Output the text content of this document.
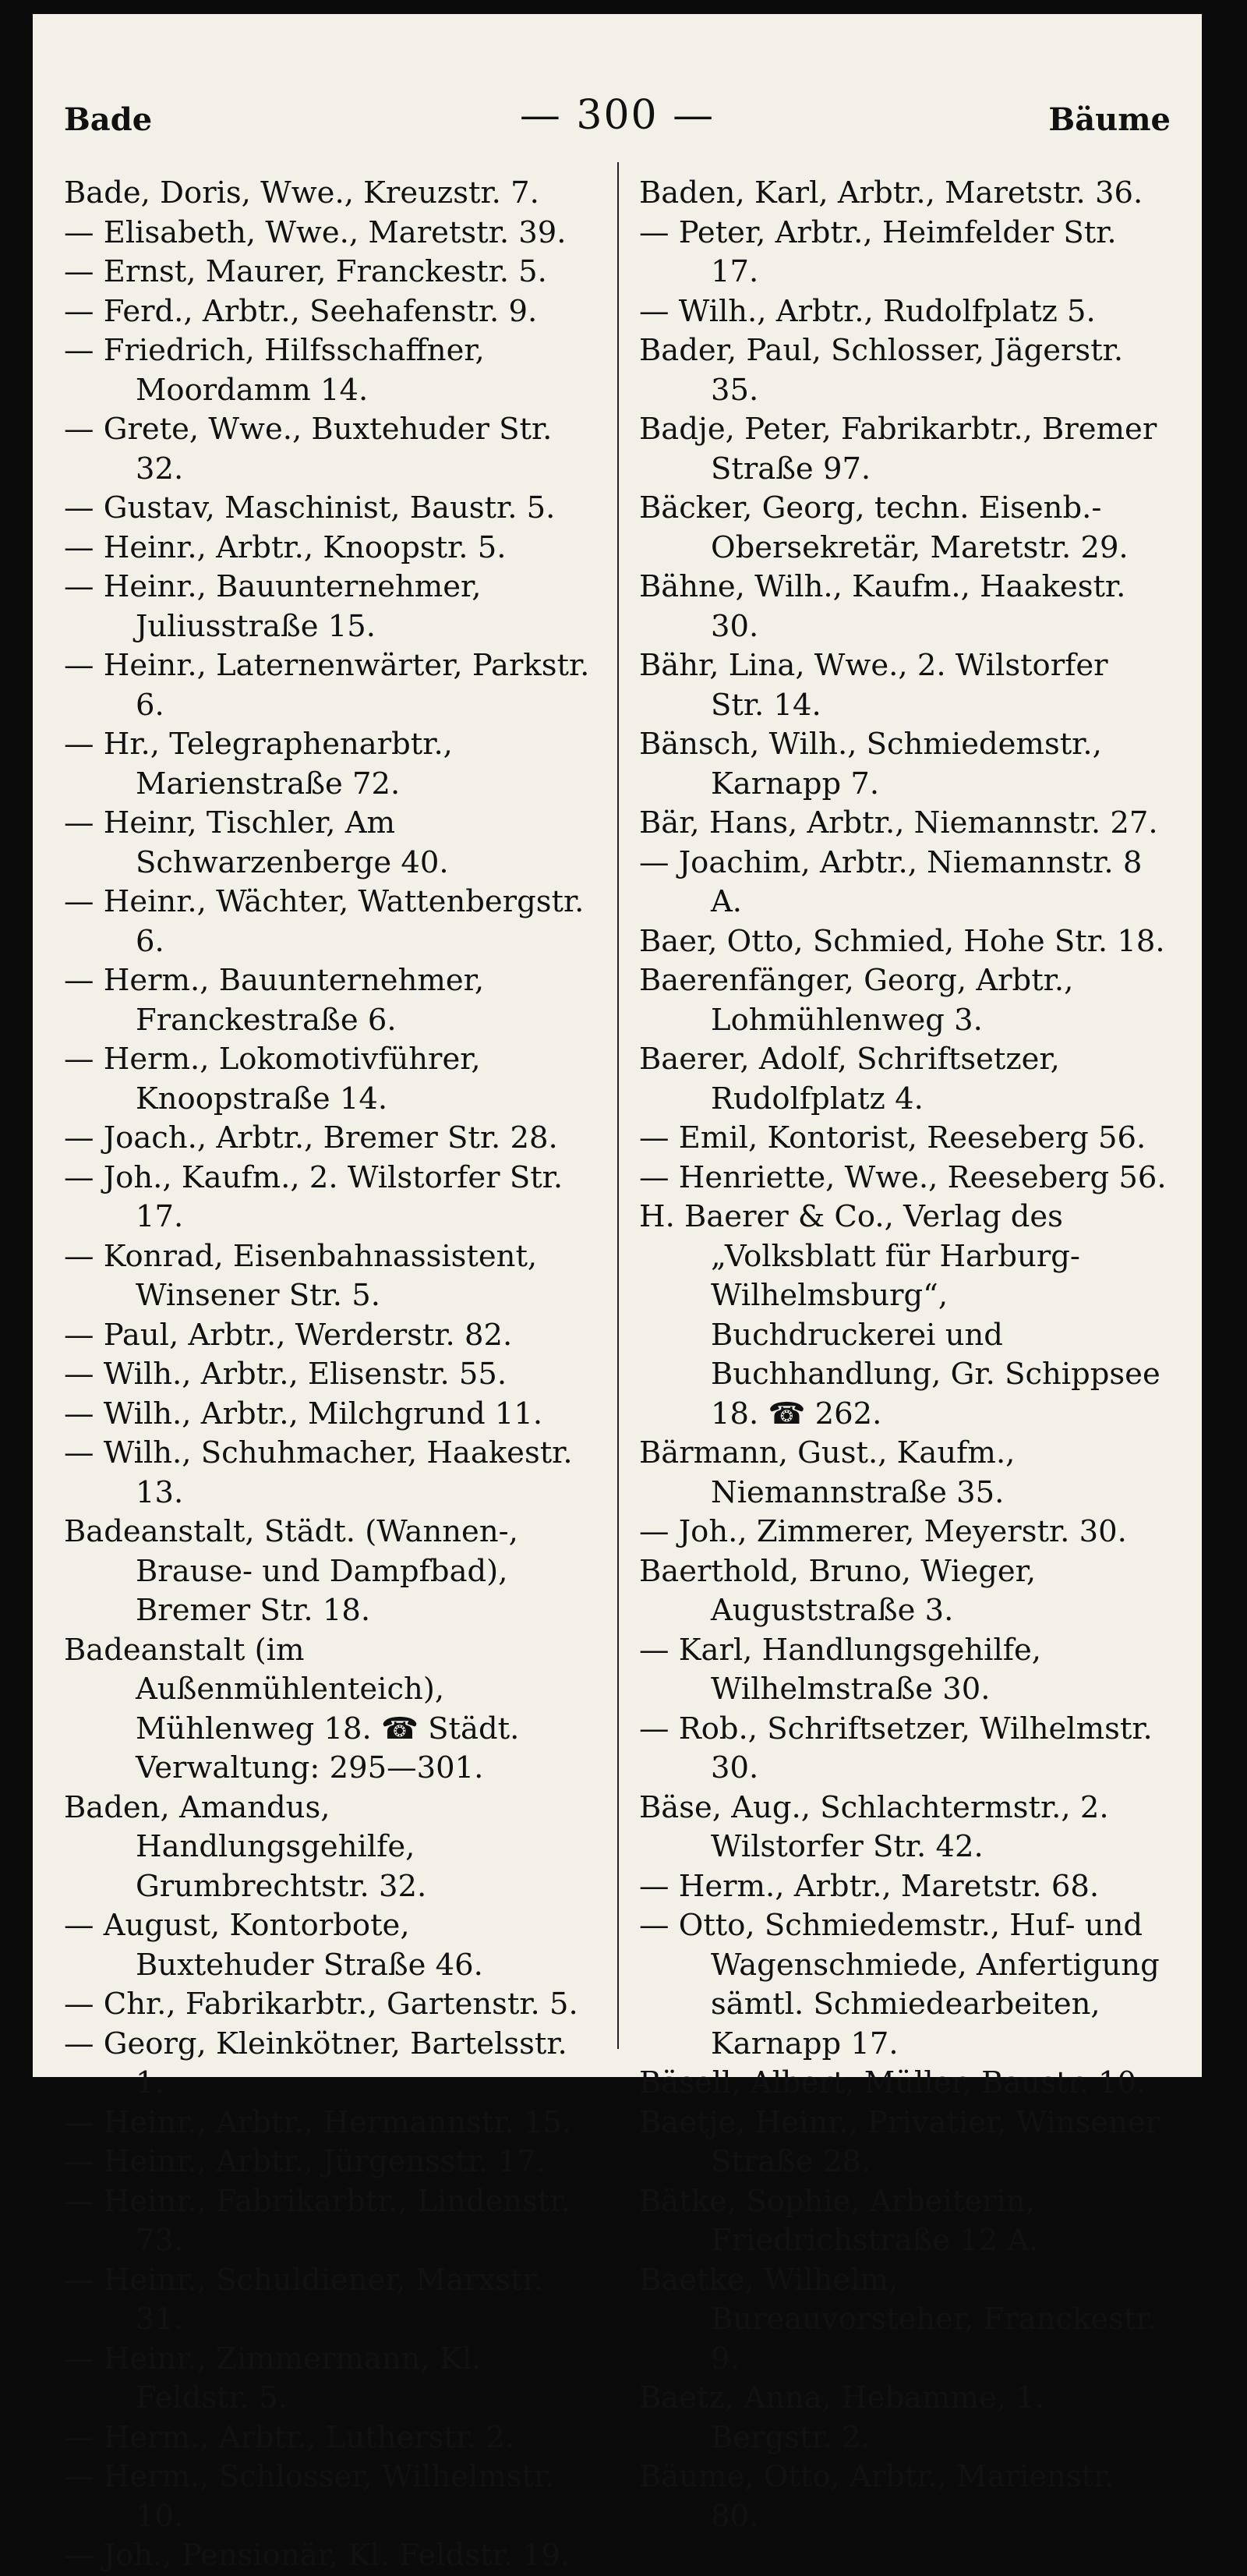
Bade	— 300 —	Bäume
Bade, Doris, Wwe., Kreuzstr. 7.
— Elisabeth, Wwe., Maretstr. 39.
— Ernst, Maurer, Franckestr. 5.
— Ferd., Arbtr., Seehafenstr. 9.
— Friedrich, Hilfsschaffner, Moordamm 14.
— Grete, Wwe., Buxtehuder Str. 32.
— Gustav, Maschinist, Baustr. 5.
— Heinr., Arbtr., Knoopstr. 5.
— Heinr., Bauunternehmer, Juliusstraße 15.
— Heinr., Laternenwärter, Parkstr. 6.
— Hr., Telegraphenarbtr., Marienstraße 72.
— Heinr, Tischler, Am Schwarzenberge 40.
— Heinr., Wächter, Wattenbergstr. 6.
— Herm., Bauunternehmer, Franckestraße 6.
— Herm., Lokomotivführer, Knoopstraße 14.
— Joach., Arbtr., Bremer Str. 28.
— Joh., Kaufm., 2. Wilstorfer Str. 17.
— Konrad, Eisenbahnassistent, Winsener Str. 5.
— Paul, Arbtr., Werderstr. 82.
— Wilh., Arbtr., Elisenstr. 55.
— Wilh., Arbtr., Milchgrund 11.
— Wilh., Schuhmacher, Haakestr. 13.
Badeanstalt, Städt. (Wannen-, Brause- und Dampfbad), Bremer Str. 18.
Badeanstalt (im Außenmühlenteich), Mühlenweg 18. ☎ Städt. Verwaltung: 295—301.
Baden, Amandus, Handlungsgehilfe, Grumbrechtstr. 32.
— August, Kontorbote, Buxtehuder Straße 46.
— Chr., Fabrikarbtr., Gartenstr. 5.
— Georg, Kleinkötner, Bartelsstr. 1.
— Heinr., Arbtr., Hermannstr. 15.
— Heinr., Arbtr., Jürgensstr. 17.
— Heinr., Fabrikarbtr., Lindenstr. 73.
— Heinr., Schuldiener, Marxstr. 31.
— Heinr., Zimmermann, Kl. Feldstr. 5.
— Herm., Arbtr., Lutherstr. 2.
— Herm., Schlosser, Wilhelmstr. 10.
— Joh., Pensionär, Kl. Feldstr. 19.
Baden, Karl, Arbtr., Maretstr. 36.
— Peter, Arbtr., Heimfelder Str. 17.
— Wilh., Arbtr., Rudolfplatz 5.
Bader, Paul, Schlosser, Jägerstr. 35.
Badje, Peter, Fabrikarbtr., Bremer Straße 97.
Bäcker, Georg, techn. Eisenb.-Obersekretär, Maretstr. 29.
Bähne, Wilh., Kaufm., Haakestr. 30.
Bähr, Lina, Wwe., 2. Wilstorfer Str. 14.
Bänsch, Wilh., Schmiedemstr., Karnapp 7.
Bär, Hans, Arbtr., Niemannstr. 27.
— Joachim, Arbtr., Niemannstr. 8 A.
Baer, Otto, Schmied, Hohe Str. 18.
Baerenfänger, Georg, Arbtr., Lohmühlenweg 3.
Baerer, Adolf, Schriftsetzer, Rudolfplatz 4.
— Emil, Kontorist, Reeseberg 56.
— Henriette, Wwe., Reeseberg 56.
H. Baerer & Co., Verlag des „Volksblatt für Harburg-Wilhelmsburg“, Buchdruckerei und Buchhandlung, Gr. Schippsee 18. ☎ 262.
Bärmann, Gust., Kaufm., Niemannstraße 35.
— Joh., Zimmerer, Meyerstr. 30.
Baerthold, Bruno, Wieger, Auguststraße 3.
— Karl, Handlungsgehilfe, Wilhelmstraße 30.
— Rob., Schriftsetzer, Wilhelmstr. 30.
Bäse, Aug., Schlachtermstr., 2. Wilstorfer Str. 42.
— Herm., Arbtr., Maretstr. 68.
— Otto, Schmiedemstr., Huf- und Wagenschmiede, Anfertigung sämtl. Schmiedearbeiten, Karnapp 17.
Bäsell, Albert, Müller, Baustr. 10.
Baetje, Heinr., Privatier, Winsener Straße 28.
Bätke, Sophie, Arbeiterin, Friedrichstraße 12 A.
Baetke, Wilhelm, Bureauvorsteher, Franckestr. 9.
Baetz, Anna, Hebamme, 1. Bergstr. 2.
Bäume, Otto, Arbtr., Marienstr. 80.
